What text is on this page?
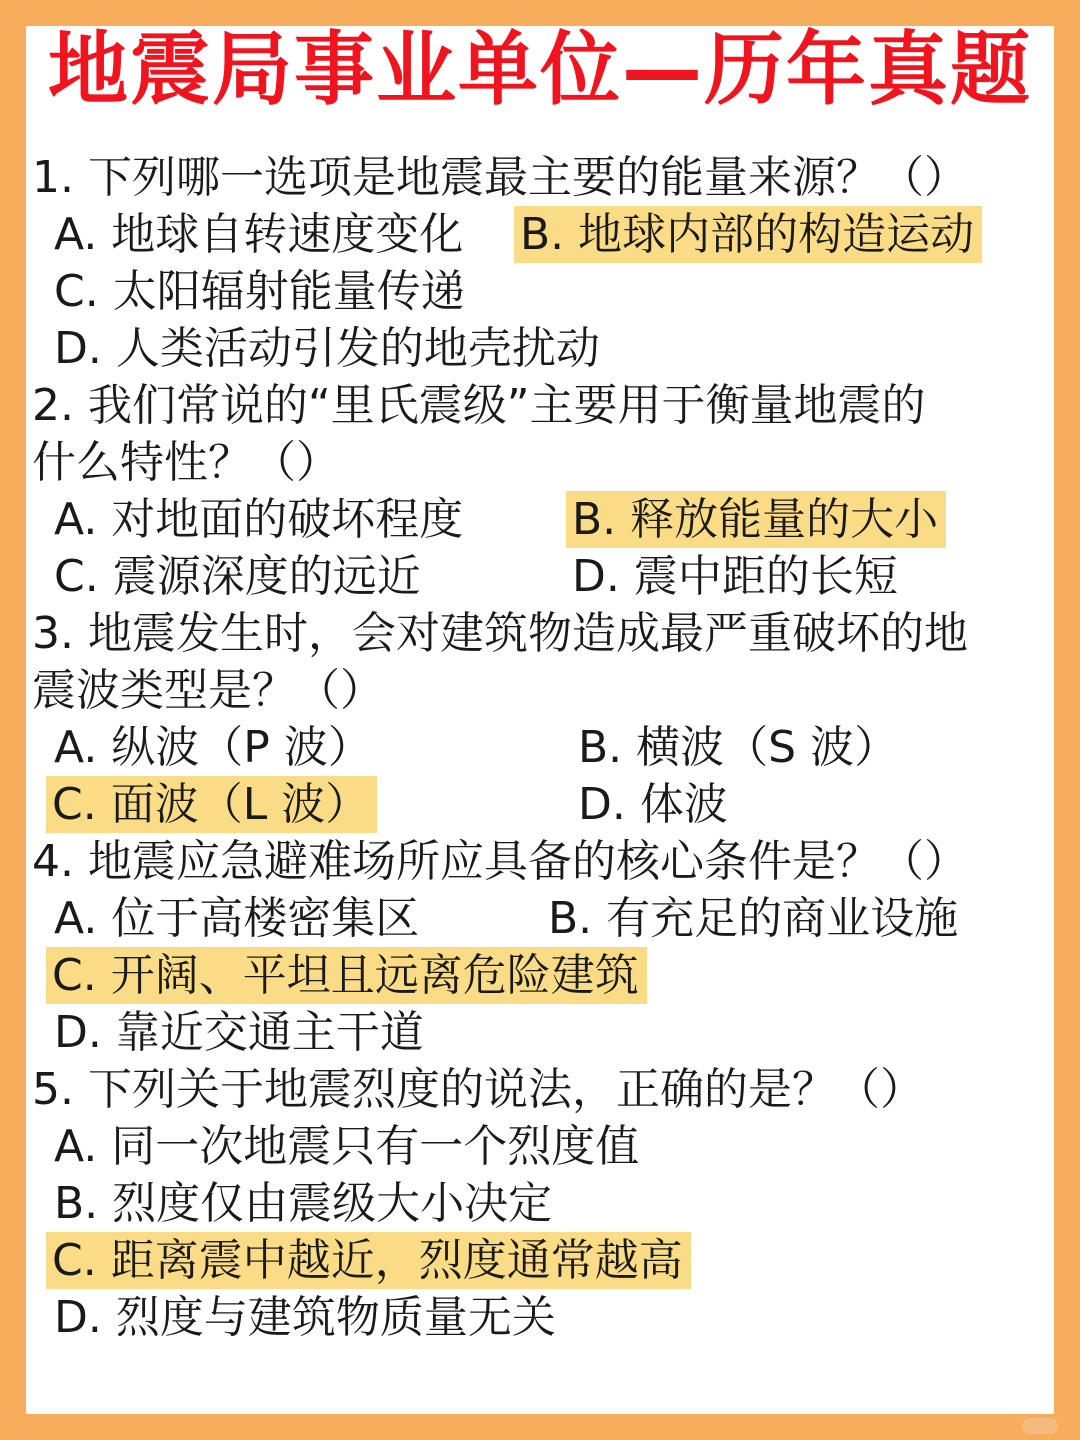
地震局事业单位—历年真题
1. 下列哪一选项是地震最主要的能量来源？（）
A. 地球自转速度变化 B. 地球内部的构造运动
C. 太阳辐射能量传递
D. 人类活动引发的地壳扰动
2. 我们常说的“里氏震级”主要用于衡量地震的
什么特性？（）
A. 对地面的破坏程度 B. 释放能量的大小
C. 震源深度的远近	D. 震中距的长短
3. 地震发生时，会对建筑物造成最严重破坏的地
震波类型是？（）
A. 纵波（P 波）	B. 横波（S 波）
C. 面波（L 波）	D. 体波
4. 地震应急避难场所应具备的核心条件是？（）
A. 位于高楼密集区	B. 有充足的商业设施
C. 开阔、平坦且远离危险建筑
D. 靠近交通主干道
5. 下列关于地震烈度的说法，正确的是？（）
A. 同一次地震只有一个烈度值
B. 烈度仅由震级大小决定
C. 距离震中越近，烈度通常越高
D. 烈度与建筑物质量无关
